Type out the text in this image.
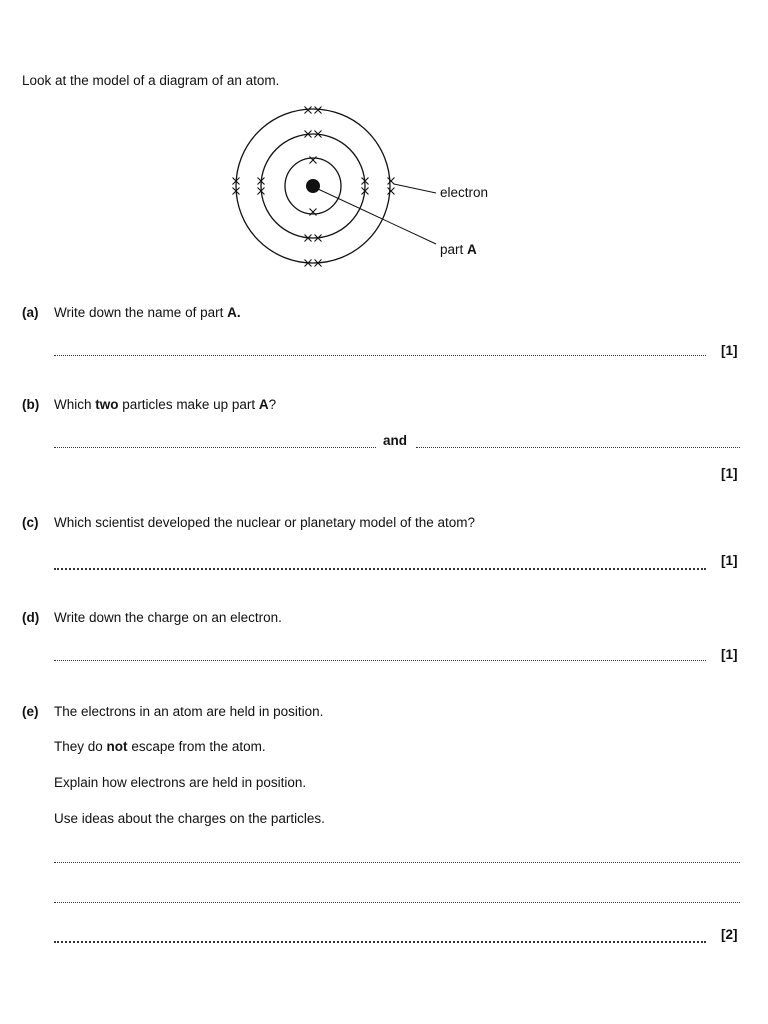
Look at the model of a diagram of an atom.
electron
part A
(a) Write down the name of part A.
[1]
(b) Which two particles make up part A?
and
[1]
(c) Which scientist developed the nuclear or planetary model of the atom?
[1]
(d) Write down the charge on an electron.
[1]
(e) The electrons in an atom are held in position.
They do not escape from the atom.
Explain how electrons are held in position.
Use ideas about the charges on the particles.
[2]
